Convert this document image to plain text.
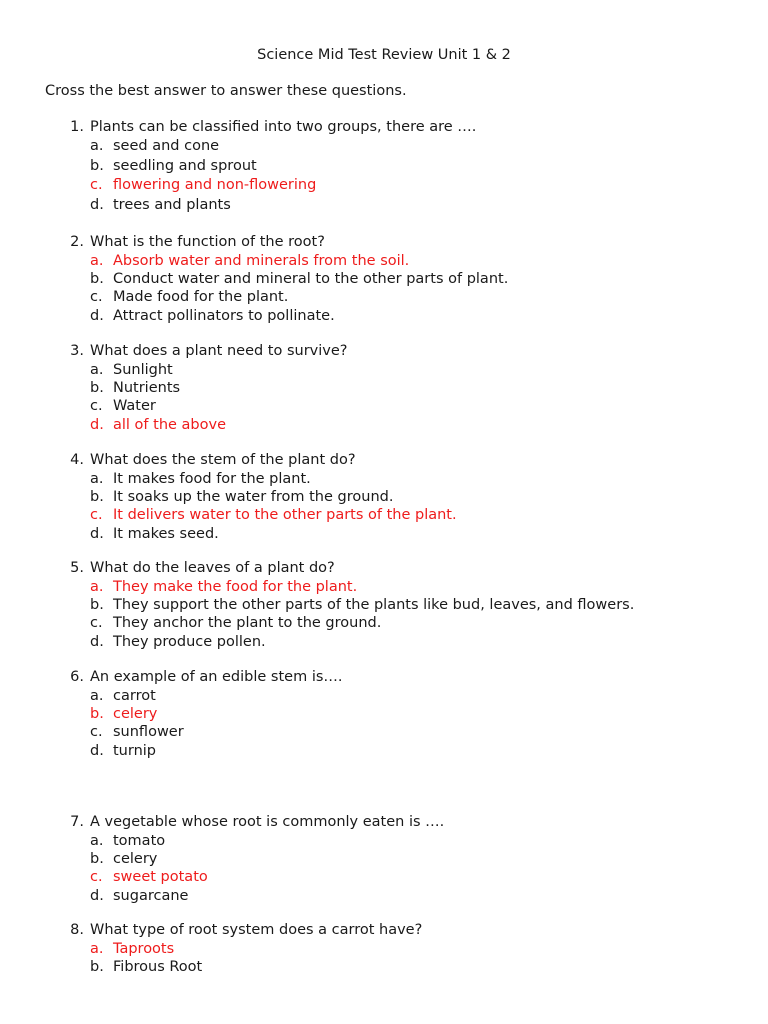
Science Mid Test Review Unit 1 & 2
Cross the best answer to answer these questions.
1. Plants can be classified into two groups, there are ….
a. seed and cone
b. seedling and sprout
c. flowering and non-flowering
d. trees and plants
2. What is the function of the root?
a. Absorb water and minerals from the soil.
b. Conduct water and mineral to the other parts of plant.
c. Made food for the plant.
d. Attract pollinators to pollinate.
3. What does a plant need to survive?
a. Sunlight
b. Nutrients
c. Water
d. all of the above
4. What does the stem of the plant do?
a. It makes food for the plant.
b. It soaks up the water from the ground.
c. It delivers water to the other parts of the plant.
d. It makes seed.
5. What do the leaves of a plant do?
a. They make the food for the plant.
b. They support the other parts of the plants like bud, leaves, and flowers.
c. They anchor the plant to the ground.
d. They produce pollen.
6. An example of an edible stem is….
a. carrot
b. celery
c. sunflower
d. turnip
7. A vegetable whose root is commonly eaten is ….
a. tomato
b. celery
c. sweet potato
d. sugarcane
8. What type of root system does a carrot have?
a. Taproots
b. Fibrous Root
